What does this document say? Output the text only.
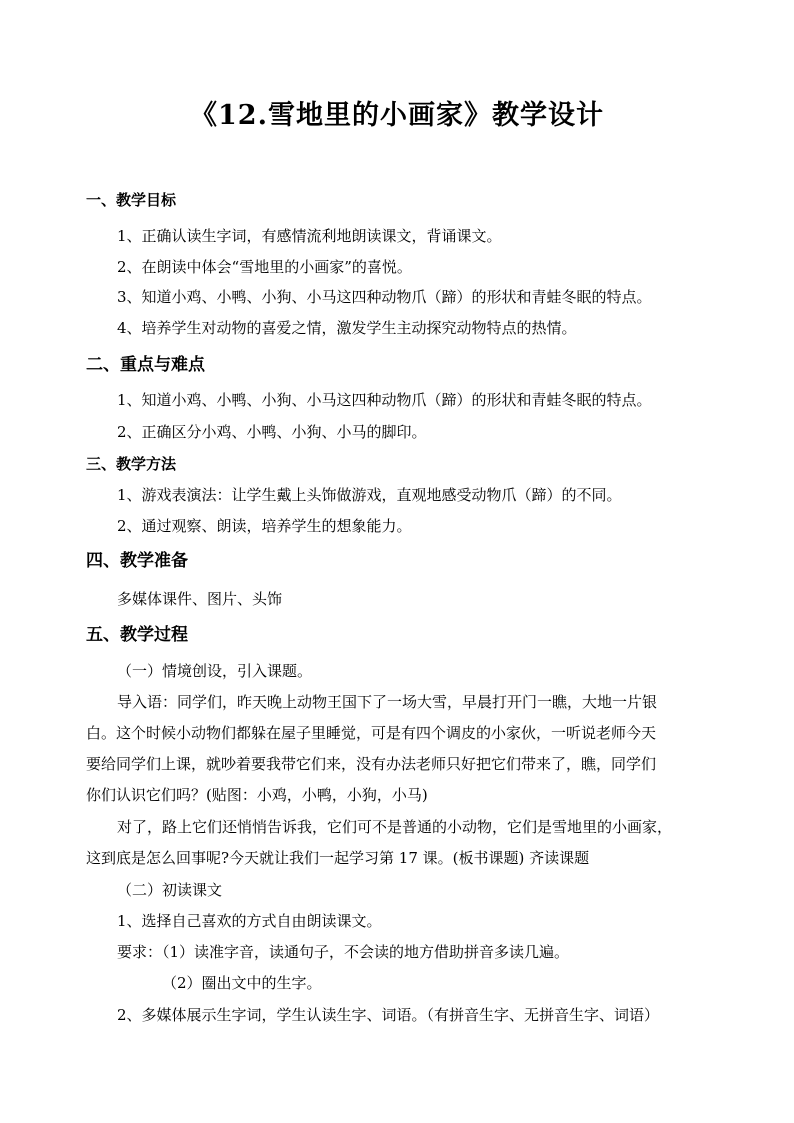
《12.雪地里的小画家》教学设计
一、教学目标
1、正确认读生字词，有感情流利地朗读课文，背诵课文。
2、在朗读中体会“雪地里的小画家”的喜悦。
3、知道小鸡、小鸭、小狗、小马这四种动物爪（蹄）的形状和青蛙冬眠的特点。
4、培养学生对动物的喜爱之情，激发学生主动探究动物特点的热情。
二、重点与难点
1、知道小鸡、小鸭、小狗、小马这四种动物爪（蹄）的形状和青蛙冬眠的特点。
2、正确区分小鸡、小鸭、小狗、小马的脚印。
三、教学方法
1、游戏表演法：让学生戴上头饰做游戏，直观地感受动物爪（蹄）的不同。
2、通过观察、朗读，培养学生的想象能力。
四、教学准备
多媒体课件、图片、头饰
五、教学过程
（一）情境创设，引入课题。
导入语：同学们，昨天晚上动物王国下了一场大雪，早晨打开门一瞧，大地一片银
白。这个时候小动物们都躲在屋子里睡觉，可是有四个调皮的小家伙，一听说老师今天
要给同学们上课，就吵着要我带它们来，没有办法老师只好把它们带来了，瞧，同学们
你们认识它们吗？(贴图：小鸡，小鸭，小狗，小马)
对了，路上它们还悄悄告诉我，它们可不是普通的小动物，它们是雪地里的小画家，
这到底是怎么回事呢?今天就让我们一起学习第 17 课。(板书课题) 齐读课题
（二）初读课文
1、选择自己喜欢的方式自由朗读课文。
要求：（1）读准字音，读通句子，不会读的地方借助拼音多读几遍。
（2）圈出文中的生字。
2、多媒体展示生字词，学生认读生字、词语。（有拼音生字、无拼音生字、词语）
